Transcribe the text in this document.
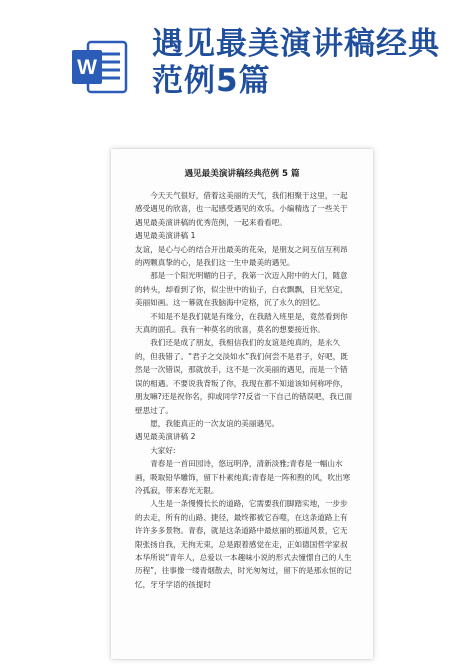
W
遇见最美演讲稿经典范例5篇
遇见最美演讲稿经典范例 5 篇

今天天气很好，借着这美丽的天气，我们相聚于这里，一起感受遇见的欣喜，也一起感受遇见的欢乐。小编精选了一些关于遇见最美演讲稿的优秀范例，一起来看看吧。

遇见最美演讲稿 1

友谊，是心与心的结合开出最美的花朵，是朋友之间互信互利昂的两颗真挚的心，是我们这一生中最美的遇见。

那是一个阳光明媚的日子，我第一次迈入附中的大门，随意的转头，却看到了你，似尘世中的仙子，白衣飘飘，目光坚定，美丽如画。这一幕就在我脑海中定格，沉了永久的回忆。

不知是不是我们就是有缘分，在我踏入班里是，竟然看到你天真的面孔。我有一种莫名的欣喜，莫名的想要接近你。

我们还是成了朋友，我相信我们的友谊是纯真的，是永久的，但我错了。“君子之交淡如水”我们何尝不是君子，好吧，既然是一次错误，那就放手，这不是一次美丽的遇见，而是一个错误的相遇。不要说我背叛了你，我现在都不知道该如何称呼你，朋友嘛?还是祝你名，抑或同学??反省一下自己的错误吧，我已面壁思过了。

愿，我能真正的一次友谊的美丽遇见。

遇见最美演讲稿 2

大家好:

青春是一首田园诗，悠远明净，清新淡雅;青春是一幅山水画，吸取铅华雕饰，留下朴素纯真;青春是一阵和煦的风，吹出寒冷孤寂，带来春光无限。

人生是一条慢慢长长的道路，它需要我们脚踏实地，一步步的去走，所有的山路、捷径，最终都被它吞噬，在这条道路上有许许多多景物。青春，就是这条道路中最炫丽的那道风景，它无限张扬自我，无拘无束，总是跟着感觉在走，正如德国哲学家叔本华所说“青年人，总爱以一本趣味小说的形式去憧憬自己的人生历程”，往事像一缕青烟散去，时光匆匆过，留下的是那永恒的记忆，牙牙学语的孩提时
